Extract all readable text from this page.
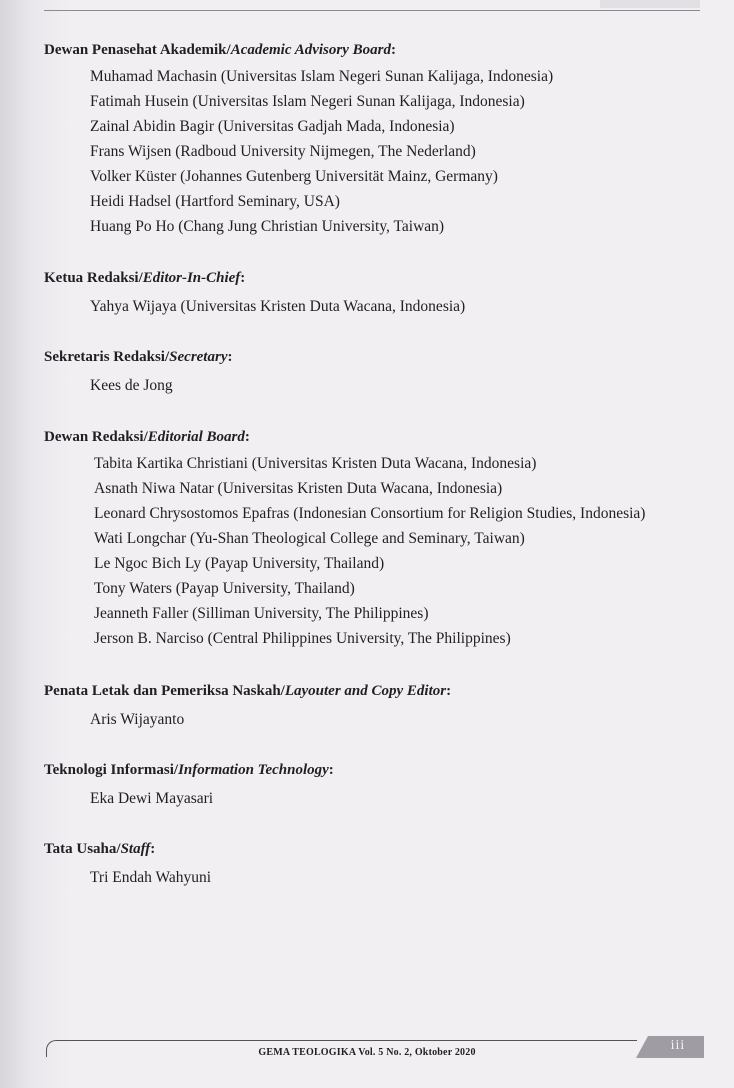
Dewan Penasehat Akademik/Academic Advisory Board:

Muhamad Machasin (Universitas Islam Negeri Sunan Kalijaga, Indonesia)

Fatimah Husein (Universitas Islam Negeri Sunan Kalijaga, Indonesia)

Zainal Abidin Bagir (Universitas Gadjah Mada, Indonesia)

Frans Wijsen (Radboud University Nijmegen, The Nederland)

Volker Küster (Johannes Gutenberg Universität Mainz, Germany)

Heidi Hadsel (Hartford Seminary, USA)

Huang Po Ho (Chang Jung Christian University, Taiwan)

Ketua Redaksi/Editor-In-Chief:

Yahya Wijaya (Universitas Kristen Duta Wacana, Indonesia)

Sekretaris Redaksi/Secretary:

Kees de Jong

Dewan Redaksi/Editorial Board:

Tabita Kartika Christiani (Universitas Kristen Duta Wacana, Indonesia)

Asnath Niwa Natar (Universitas Kristen Duta Wacana, Indonesia)

Leonard Chrysostomos Epafras (Indonesian Consortium for Religion Studies, Indonesia)

Wati Longchar (Yu-Shan Theological College and Seminary, Taiwan)

Le Ngoc Bich Ly (Payap University, Thailand)

Tony Waters (Payap University, Thailand)

Jeanneth Faller (Silliman University, The Philippines)

Jerson B. Narciso (Central Philippines University, The Philippines)

Penata Letak dan Pemeriksa Naskah/Layouter and Copy Editor:

Aris Wijayanto

Teknologi Informasi/Information Technology:

Eka Dewi Mayasari

Tata Usaha/Staff:

Tri Endah Wahyuni

iii
GEMA TEOLOGIKA Vol. 5 No. 2, Oktober 2020
